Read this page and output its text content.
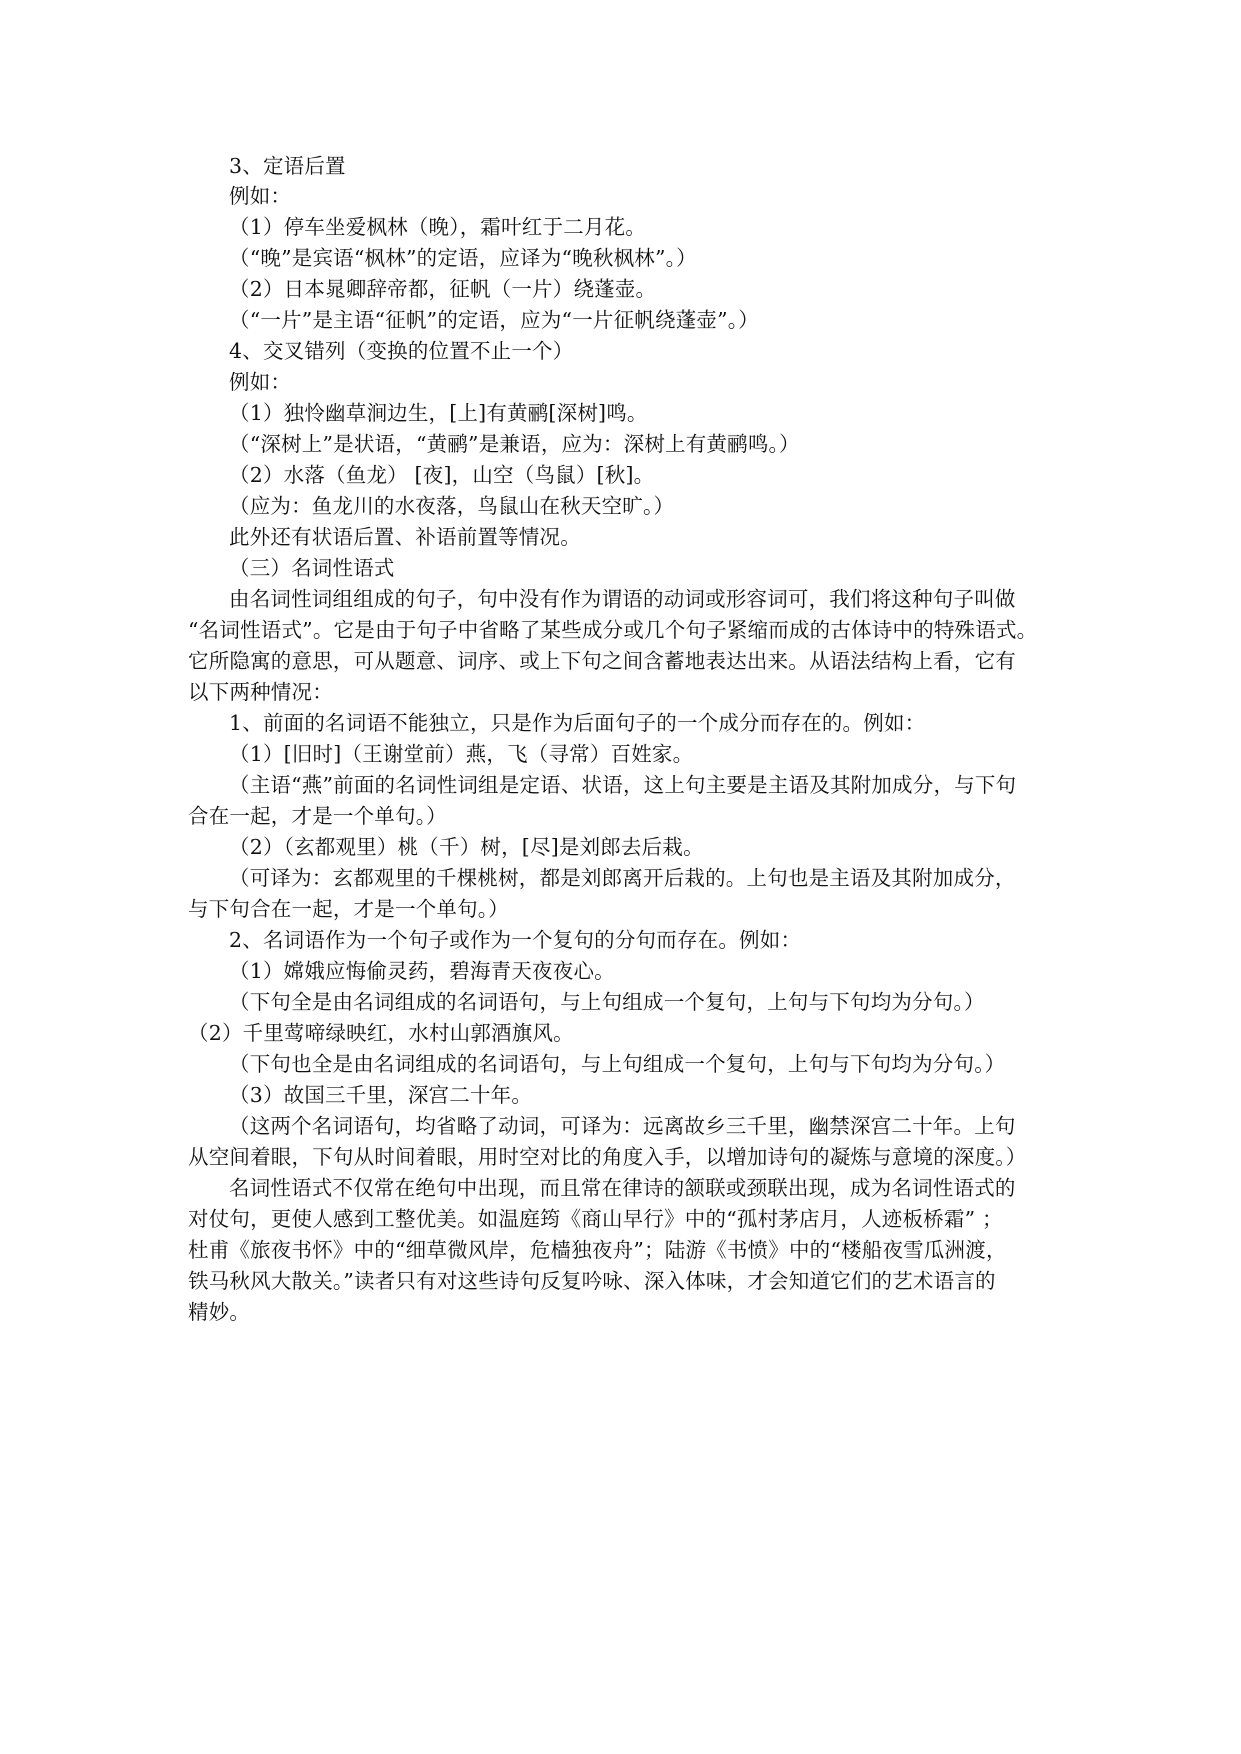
3、定语后置
例如：
（1）停车坐爱枫林（晚），霜叶红于二月花。
（“晚”是宾语“枫林”的定语，应译为“晚秋枫林”。）
（2）日本晁卿辞帝都，征帆（一片）绕蓬壶。
（“一片”是主语“征帆”的定语，应为“一片征帆绕蓬壶”。）
4、交叉错列（变换的位置不止一个）
例如：
（1）独怜幽草涧边生，[上]有黄鹂[深树]鸣。
（“深树上”是状语，“黄鹂”是兼语，应为：深树上有黄鹂鸣。）
（2）水落（鱼龙） [夜]，山空（鸟鼠）[秋]。
（应为：鱼龙川的水夜落，鸟鼠山在秋天空旷。）
此外还有状语后置、补语前置等情况。
（三）名词性语式
由名词性词组组成的句子，句中没有作为谓语的动词或形容词可，我们将这种句子叫做
“名词性语式”。它是由于句子中省略了某些成分或几个句子紧缩而成的古体诗中的特殊语式。
它所隐寓的意思，可从题意、词序、或上下句之间含蓄地表达出来。从语法结构上看，它有
以下两种情况：
1、前面的名词语不能独立，只是作为后面句子的一个成分而存在的。例如：
（1）[旧时]（王谢堂前）燕，飞（寻常）百姓家。
（主语“燕”前面的名词性词组是定语、状语，这上句主要是主语及其附加成分，与下句
合在一起，才是一个单句。）
（2）（玄都观里）桃（千）树，[尽]是刘郎去后栽。
（可译为：玄都观里的千棵桃树，都是刘郎离开后栽的。上句也是主语及其附加成分，
与下句合在一起，才是一个单句。）
2、名词语作为一个句子或作为一个复句的分句而存在。例如：
（1）嫦娥应悔偷灵药，碧海青天夜夜心。
（下句全是由名词组成的名词语句，与上句组成一个复句，上句与下句均为分句。）
（2）千里莺啼绿映红，水村山郭酒旗风。
（下句也全是由名词组成的名词语句，与上句组成一个复句，上句与下句均为分句。）
（3）故国三千里，深宫二十年。
（这两个名词语句，均省略了动词，可译为：远离故乡三千里，幽禁深宫二十年。上句
从空间着眼，下句从时间着眼，用时空对比的角度入手，以增加诗句的凝炼与意境的深度。）
名词性语式不仅常在绝句中出现，而且常在律诗的颔联或颈联出现，成为名词性语式的
对仗句，更使人感到工整优美。如温庭筠《商山早行》中的“孤村茅店月，人迹板桥霜” ；
杜甫《旅夜书怀》中的“细草微风岸，危樯独夜舟”；陆游《书愤》中的“楼船夜雪瓜洲渡，
铁马秋风大散关。”读者只有对这些诗句反复吟咏、深入体味，才会知道它们的艺术语言的
精妙。
